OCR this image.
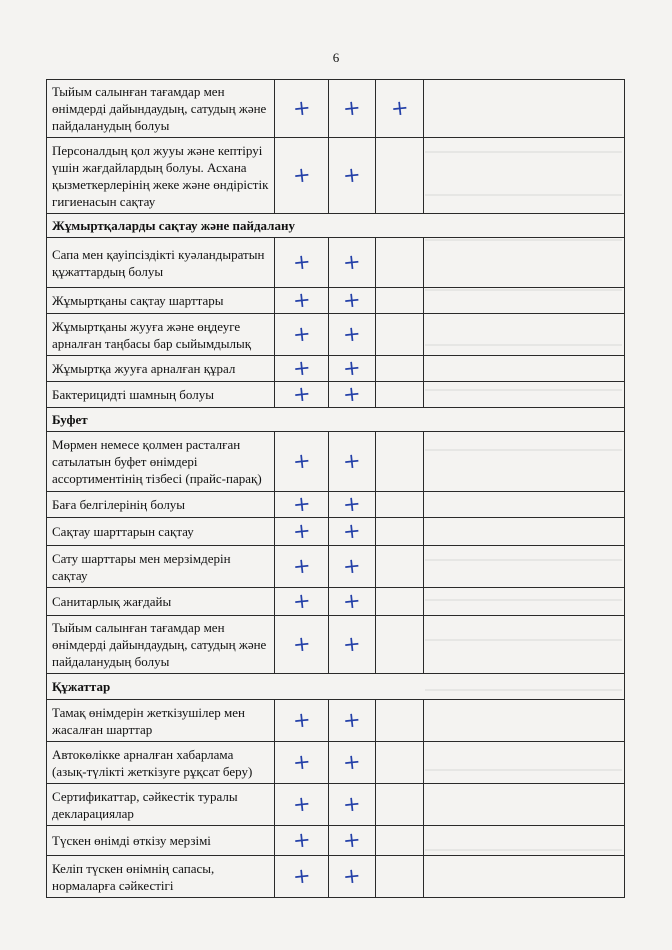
6
Тыйым салынған тағамдар мен өнімдерді дайындаудың, сатудың және пайдаланудың болуы	+	+	+	
Персоналдың қол жууы және кептіруі үшін жағдайлардың болуы. Асхана қызметкерлерінің жеке және өндірістік гигиенасын сақтау	+	+		
Жұмыртқаларды сақтау және пайдалану				
Сапа мен қауіпсіздікті куәландыратын құжаттардың болуы	+	+		
Жұмыртқаны сақтау шарттары	+	+		
Жұмыртқаны жууға және өңдеуге арналған таңбасы бар сыйымдылық	+	+		
Жұмыртқа жууға арналған құрал	+	+		
Бактерицидті шамның болуы	+	+		
Буфет				
Мөрмен немесе қолмен расталған сатылатын буфет өнімдері ассортиментінің тізбесі (прайс-парақ)	+	+		
Баға белгілерінің болуы	+	+		
Сақтау шарттарын сақтау	+	+		
Сату шарттары мен мерзімдерін сақтау	+	+		
Санитарлық жағдайы	+	+		
Тыйым салынған тағамдар мен өнімдерді дайындаудың, сатудың және пайдаланудың болуы	+	+		
Құжаттар				
Тамақ өнімдерін жеткізушілер мен жасалған шарттар	+	+		
Автокөлікке арналған хабарлама (азық-түлікті жеткізуге рұқсат беру)	+	+		
Сертификаттар, сәйкестік туралы декларациялар	+	+		
Түскен өнімді өткізу мерзімі	+	+		
Келіп түскен өнімнің сапасы, нормаларға сәйкестігі	+	+		
